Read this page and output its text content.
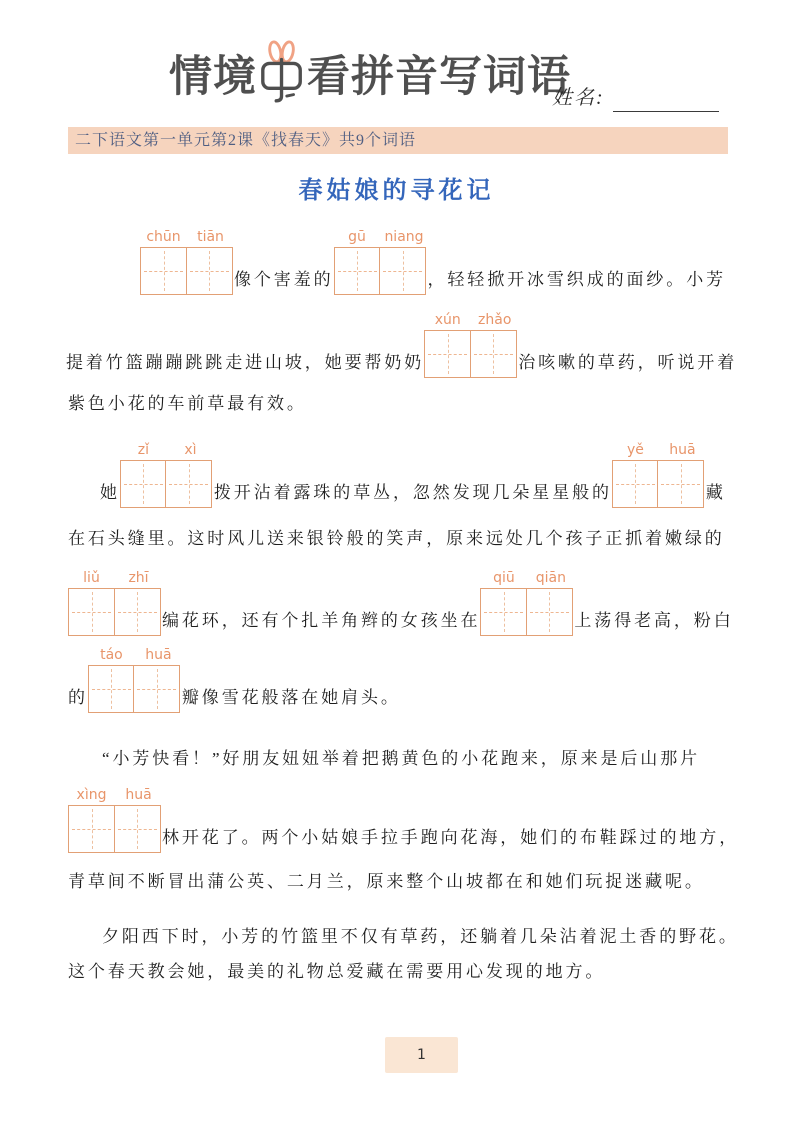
情境 看拼音写词语
姓名:
二下语文第一单元第2课《找春天》共9个词语
春姑娘的寻花记
chūn	tiān
像个害羞的
gū	niang
，轻轻掀开冰雪织成的面纱。小芳
提着竹篮蹦蹦跳跳走进山坡，她要帮奶奶
xún	zhǎo
治咳嗽的草药，听说开着
紫色小花的车前草最有效。
她
zǐ	xì
拨开沾着露珠的草丛，忽然发现几朵星星般的
yě	huā
藏
在石头缝里。这时风儿送来银铃般的笑声，原来远处几个孩子正抓着嫩绿的
liǔ	zhī
编花环，还有个扎羊角辫的女孩坐在
qiū	qiān
上荡得老高，粉白
的
táo	huā
瓣像雪花般落在她肩头。
“小芳快看！”好朋友妞妞举着把鹅黄色的小花跑来，原来是后山那片
xìng	huā
林开花了。两个小姑娘手拉手跑向花海，她们的布鞋踩过的地方，
青草间不断冒出蒲公英、二月兰，原来整个山坡都在和她们玩捉迷藏呢。
夕阳西下时，小芳的竹篮里不仅有草药，还躺着几朵沾着泥土香的野花。
这个春天教会她，最美的礼物总爱藏在需要用心发现的地方。
1
